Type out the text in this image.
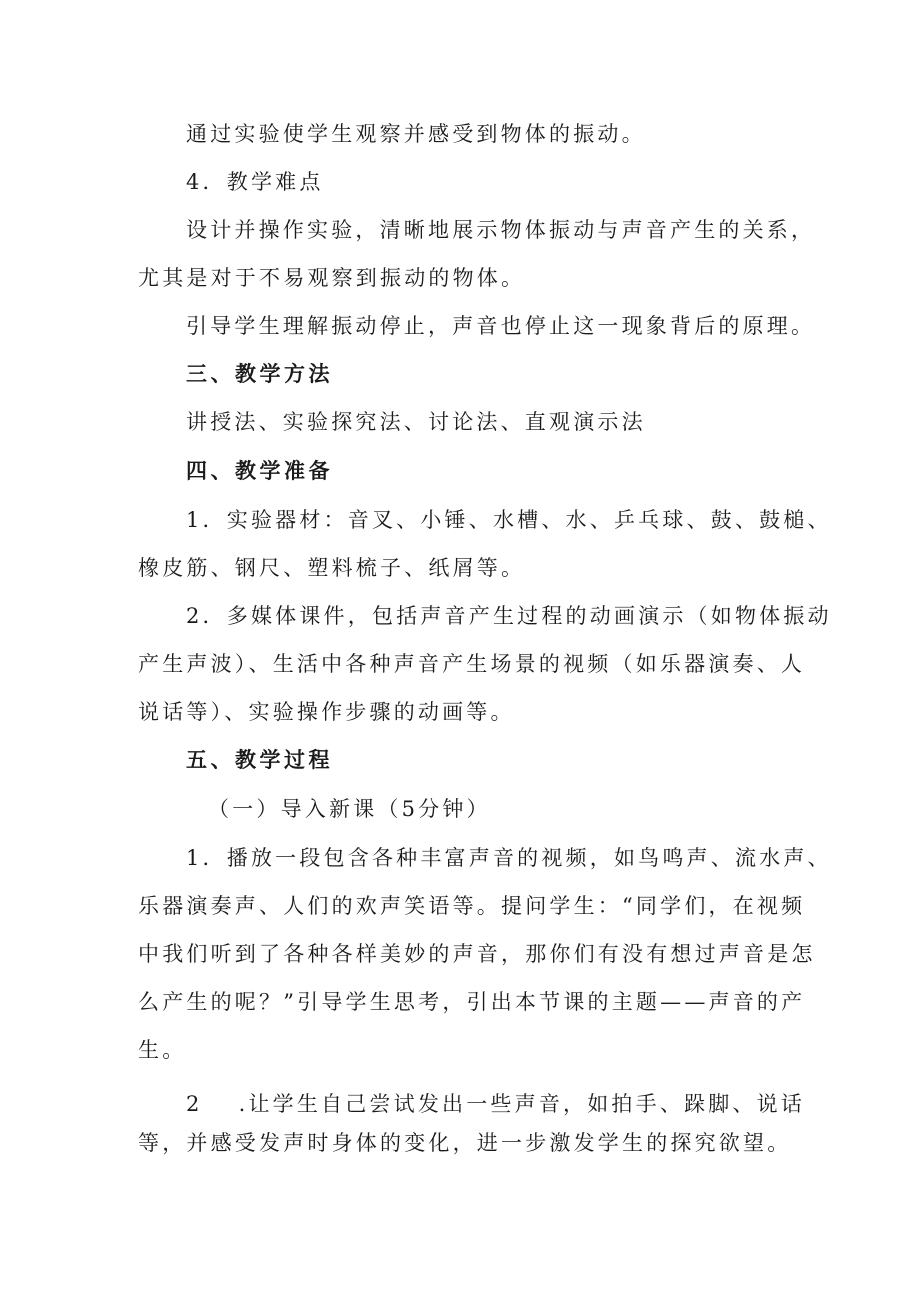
通过实验使学生观察并感受到物体的振动。
4．教学难点
设计并操作实验，清晰地展示物体振动与声音产生的关系，
尤其是对于不易观察到振动的物体。
引导学生理解振动停止，声音也停止这一现象背后的原理。
三、教学方法
讲授法、实验探究法、讨论法、直观演示法
四、教学准备
1．实验器材：音叉、小锤、水槽、水、乒乓球、鼓、鼓槌、
橡皮筋、钢尺、塑料梳子、纸屑等。
2．多媒体课件，包括声音产生过程的动画演示（如物体振动
产生声波）、生活中各种声音产生场景的视频（如乐器演奏、人
说话等）、实验操作步骤的动画等。
五、教学过程
（一）导入新课（5分钟）
1．播放一段包含各种丰富声音的视频，如鸟鸣声、流水声、
乐器演奏声、人们的欢声笑语等。提问学生：“同学们，在视频
中我们听到了各种各样美妙的声音，那你们有没有想过声音是怎
么产生的呢？”引导学生思考，引出本节课的主题——声音的产
生。
2 .让学生自己尝试发出一些声音，如拍手、跺脚、说话
等，并感受发声时身体的变化，进一步激发学生的探究欲望。
